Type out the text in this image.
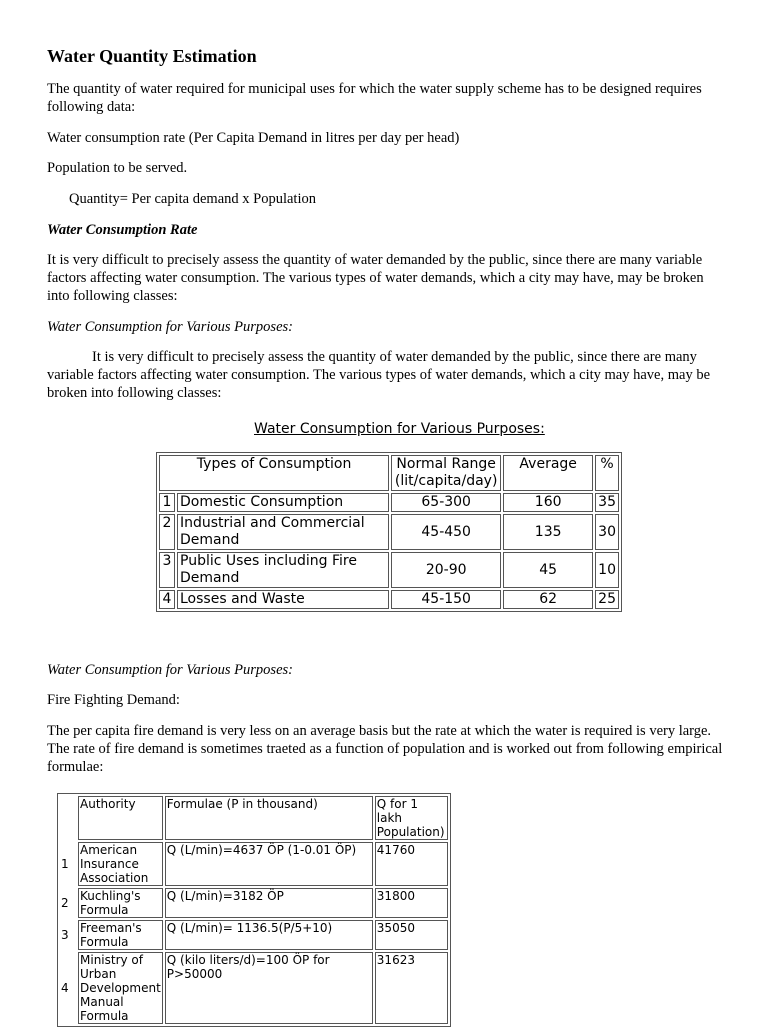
Water Quantity Estimation

The quantity of water required for municipal uses for which the water supply scheme has to be designed requires following data:

Water consumption rate (Per Capita Demand in litres per day per head)

Population to be served.

Quantity= Per capita demand x Population

Water Consumption Rate

It is very difficult to precisely assess the quantity of water demanded by the public, since there are many variable factors affecting water consumption. The various types of water demands, which a city may have, may be broken into following classes:

Water Consumption for Various Purposes:

It is very difficult to precisely assess the quantity of water demanded by the public, since there are many variable factors affecting water consumption. The various types of water demands, which a city may have, may be broken into following classes:

Water Consumption for Various Purposes:
Types of Consumption		Normal Range (lit/capita/day)	Average	%
1	Domestic Consumption	65-300	160	35
2	Industrial and Commercial Demand	45-450	135	30
3	Public Uses including Fire Demand	20-90	45	10
4	Losses and Waste	45-150	62	25

Water Consumption for Various Purposes:

Fire Fighting Demand:

The per capita fire demand is very less on an average basis but the rate at which the water is required is very large. The rate of fire demand is sometimes traeted as a function of population and is worked out from following empirical formulae:

	Authority	Formulae (P in thousand)	Q for 1 lakh Population)
1	American Insurance Association	Q (L/min)=4637 ÖP (1-0.01 ÖP)	41760
2	Kuchling's Formula	Q (L/min)=3182 ÖP	31800
3	Freeman's Formula	Q (L/min)= 1136.5(P/5+10)	35050
4	Ministry of Urban Development Manual Formula	Q (kilo liters/d)=100 ÖP for P>50000	31623
